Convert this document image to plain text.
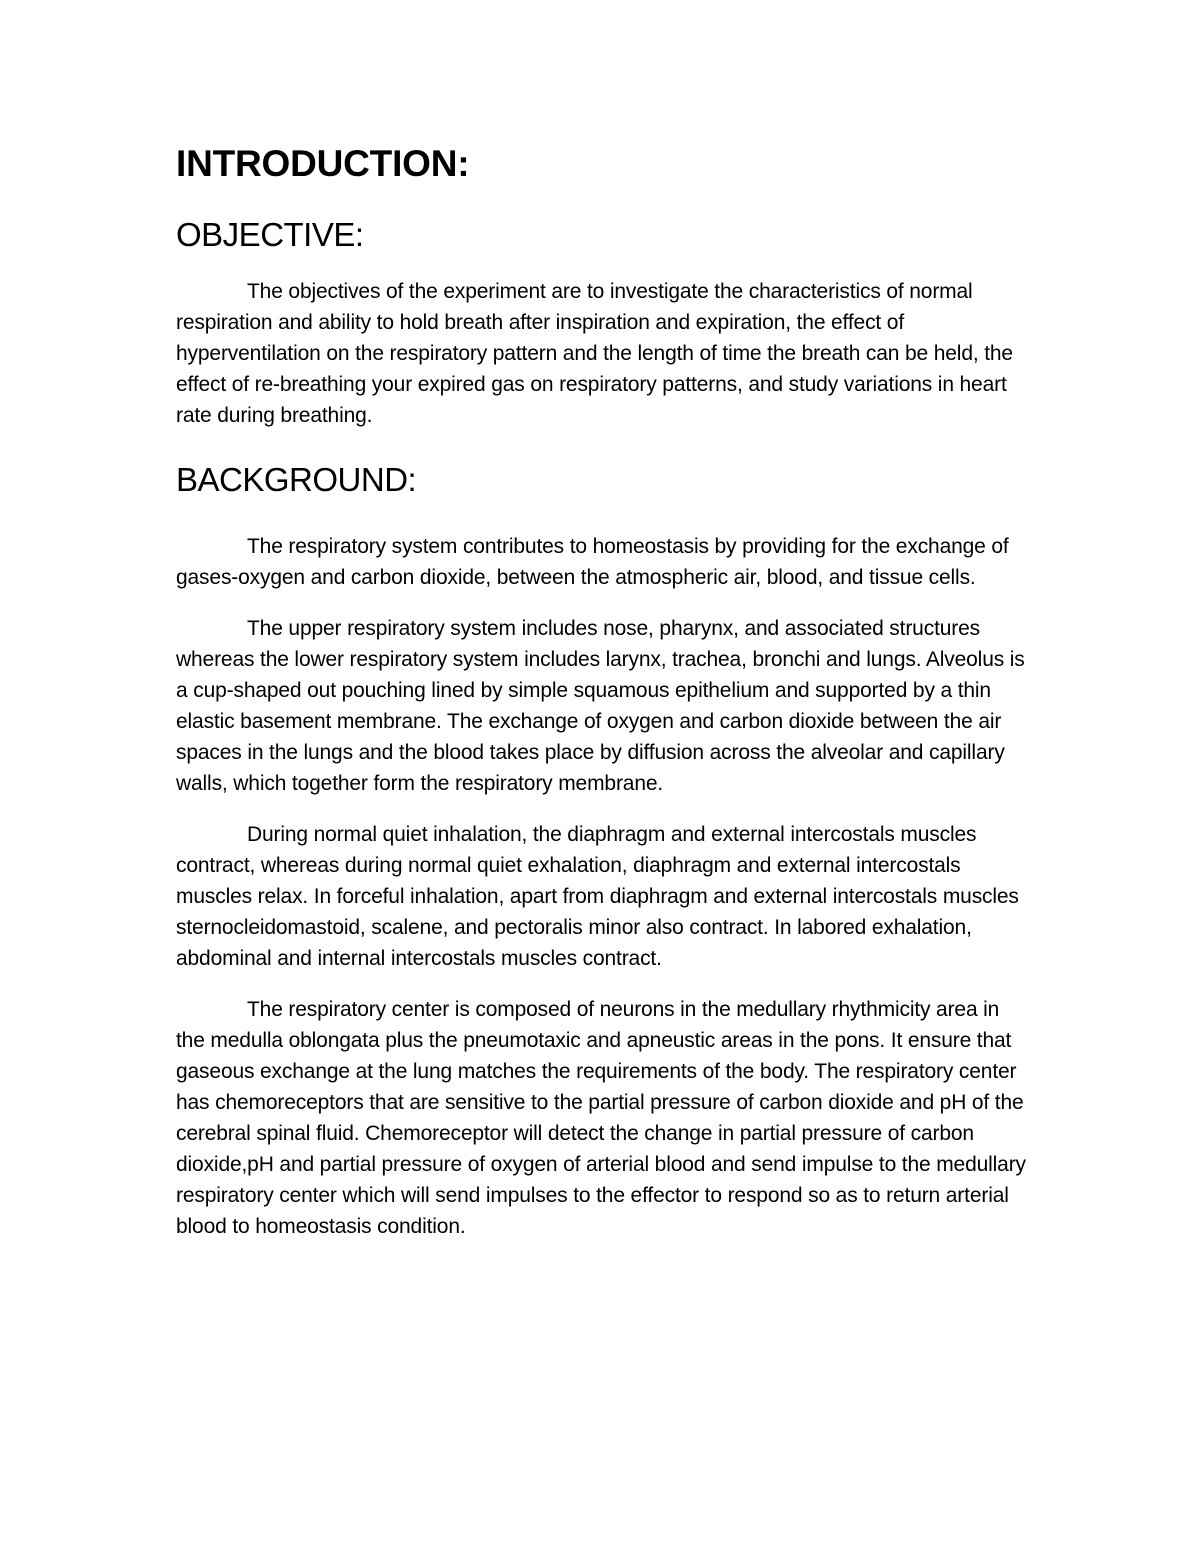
INTRODUCTION:
OBJECTIVE:

The objectives of the experiment are to investigate the characteristics of normal respiration and ability to hold breath after inspiration and expiration, the effect of hyperventilation on the respiratory pattern and the length of time the breath can be held, the effect of re-breathing your expired gas on respiratory patterns, and study variations in heart rate during breathing.

BACKGROUND:

The respiratory system contributes to homeostasis by providing for the exchange of gases-oxygen and carbon dioxide, between the atmospheric air, blood, and tissue cells.

The upper respiratory system includes nose, pharynx, and associated structures whereas the lower respiratory system includes larynx, trachea, bronchi and lungs. Alveolus is a cup-shaped out pouching lined by simple squamous epithelium and supported by a thin elastic basement membrane. The exchange of oxygen and carbon dioxide between the air spaces in the lungs and the blood takes place by diffusion across the alveolar and capillary walls, which together form the respiratory membrane.

During normal quiet inhalation, the diaphragm and external intercostals muscles contract, whereas during normal quiet exhalation, diaphragm and external intercostals muscles relax. In forceful inhalation, apart from diaphragm and external intercostals muscles sternocleidomastoid, scalene, and pectoralis minor also contract. In labored exhalation, abdominal and internal intercostals muscles contract.

The respiratory center is composed of neurons in the medullary rhythmicity area in the medulla oblongata plus the pneumotaxic and apneustic areas in the pons. It ensure that gaseous exchange at the lung matches the requirements of the body. The respiratory center has chemoreceptors that are sensitive to the partial pressure of carbon dioxide and pH of the cerebral spinal fluid. Chemoreceptor will detect the change in partial pressure of carbon dioxide,pH and partial pressure of oxygen of arterial blood and send impulse to the medullary respiratory center which will send impulses to the effector to respond so as to return arterial blood to homeostasis condition.
